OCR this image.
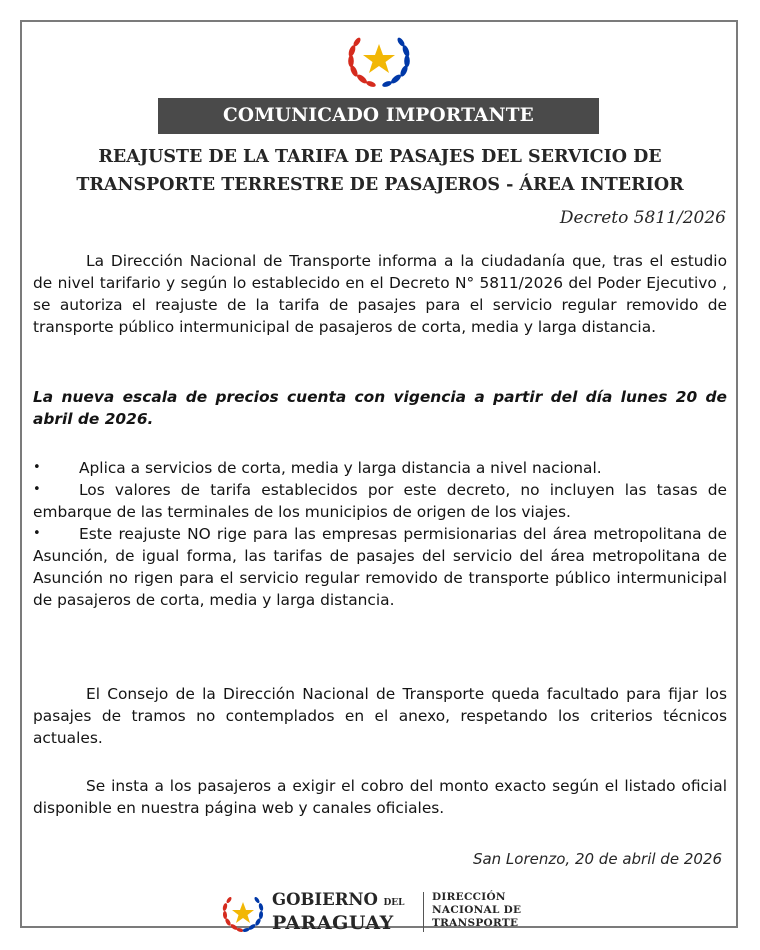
COMUNICADO IMPORTANTE
REAJUSTE DE LA TARIFA DE PASAJES DEL SERVICIO DE
TRANSPORTE TERRESTRE DE PASAJEROS - ÁREA INTERIOR
Decreto 5811/2026

La Dirección Nacional de Transporte informa a la ciudadanía que, tras el estudio de nivel tarifario y según lo establecido en el Decreto N° 5811/2026 del Poder Ejecutivo , se autoriza el reajuste de la tarifa de pasajes para el servicio regular removido de transporte público intermunicipal de pasajeros de corta, media y larga distancia.

La nueva escala de precios cuenta con vigencia a partir del día lunes 20 de abril de 2026.

• Aplica a servicios de corta, media y larga distancia a nivel nacional.
• Los valores de tarifa establecidos por este decreto, no incluyen las tasas de embarque de las terminales de los municipios de origen de los viajes.
• Este reajuste NO rige para las empresas permisionarias del área metropolitana de Asunción, de igual forma, las tarifas de pasajes del servicio del área metropolitana de Asunción no rigen para el servicio regular removido de transporte público intermunicipal de pasajeros de corta, media y larga distancia.

El Consejo de la Dirección Nacional de Transporte queda facultado para fijar los pasajes de tramos no contemplados en el anexo, respetando los criterios técnicos actuales.

Se insta a los pasajeros a exigir el cobro del monto exacto según el listado oficial disponible en nuestra página web y canales oficiales.

San Lorenzo, 20 de abril de 2026
GOBIERNO DEL
PARAGUAY
DIRECCIÓN
NACIONAL DE
TRANSPORTE
